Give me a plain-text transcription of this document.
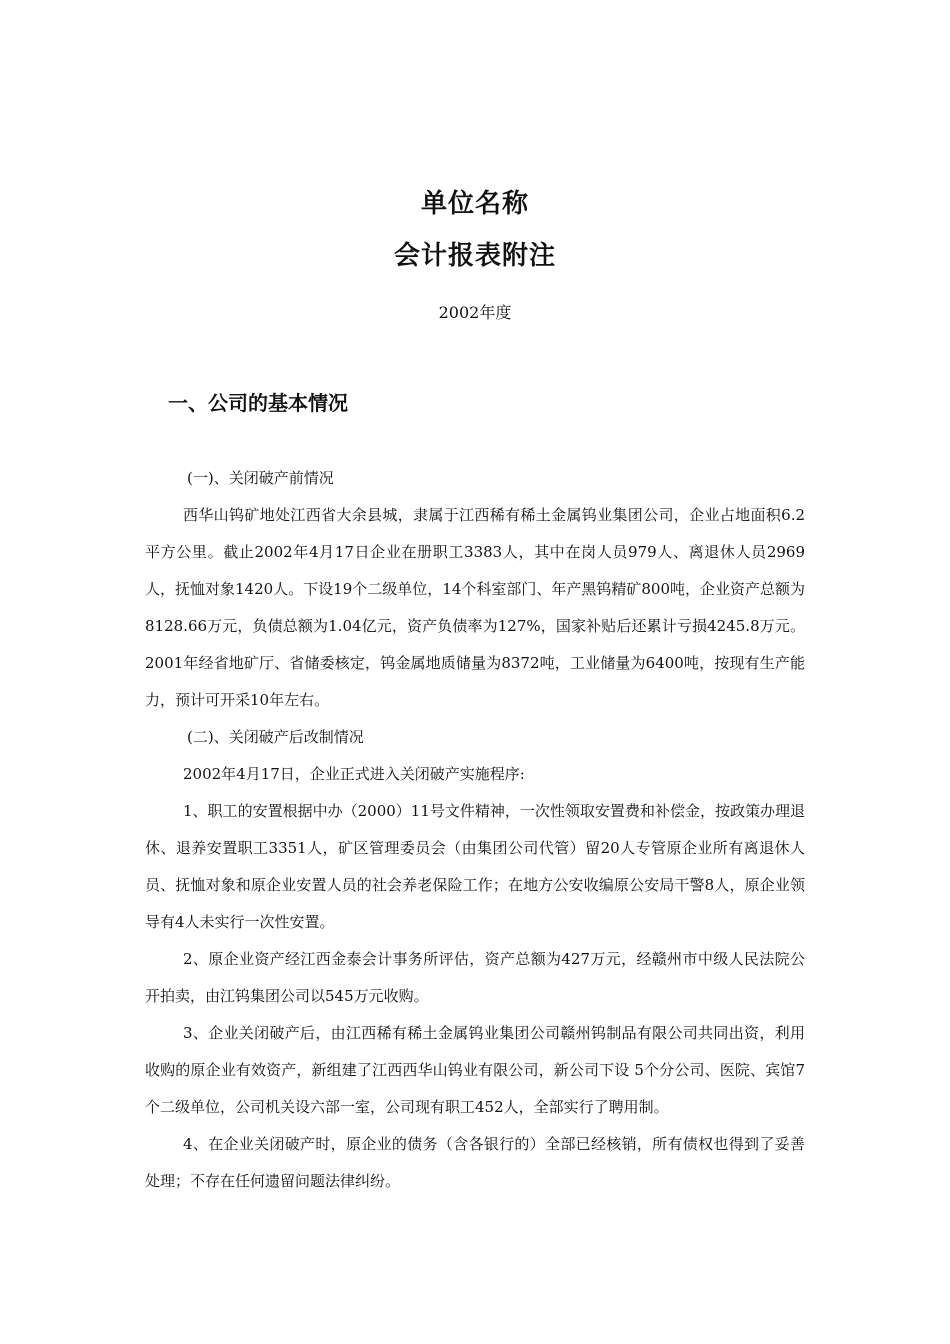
单位名称
会计报表附注
2002年度
一、公司的基本情况

(一)、关闭破产前情况

西华山钨矿地处江西省大余县城，隶属于江西稀有稀土金属钨业集团公司，企业占地面积6.2平方公里。截止2002年4月17日企业在册职工3383人，其中在岗人员979人、离退休人员2969人，抚恤对象1420人。下设19个二级单位，14个科室部门、年产黑钨精矿800吨，企业资产总额为8128.66万元，负债总额为1.04亿元，资产负债率为127%，国家补贴后还累计亏损4245.8万元。2001年经省地矿厅、省储委核定，钨金属地质储量为8372吨，工业储量为6400吨，按现有生产能力，预计可开采10年左右。

(二)、关闭破产后改制情况

2002年4月17日，企业正式进入关闭破产实施程序:

1、职工的安置根据中办（2000）11号文件精神，一次性领取安置费和补偿金，按政策办理退休、退养安置职工3351人，矿区管理委员会（由集团公司代管）留20人专管原企业所有离退休人员、抚恤对象和原企业安置人员的社会养老保险工作；在地方公安收编原公安局干警8人，原企业领导有4人未实行一次性安置。

2、原企业资产经江西金泰会计事务所评估，资产总额为427万元，经赣州市中级人民法院公开拍卖，由江钨集团公司以545万元收购。

3、企业关闭破产后，由江西稀有稀土金属钨业集团公司赣州钨制品有限公司共同出资，利用收购的原企业有效资产，新组建了江西西华山钨业有限公司，新公司下设 5个分公司、医院、宾馆7个二级单位，公司机关设六部一室，公司现有职工452人，全部实行了聘用制。

4、在企业关闭破产时，原企业的债务（含各银行的）全部已经核销，所有债权也得到了妥善处理；不存在任何遗留问题法律纠纷。
